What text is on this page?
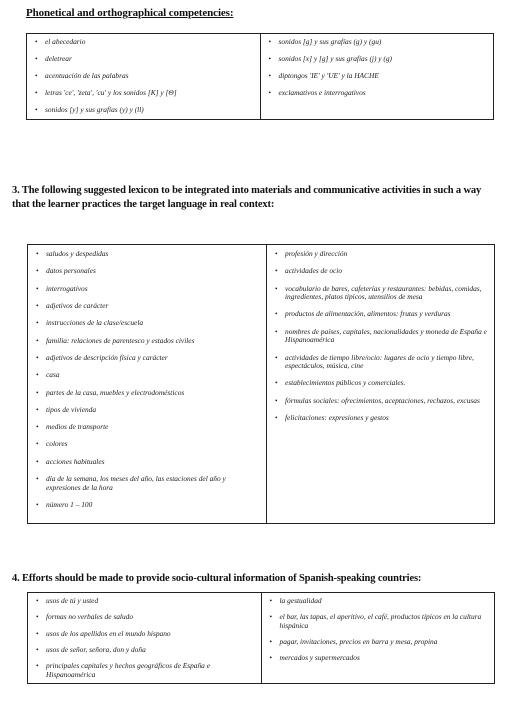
Phonetical and orthographical competencies:
• el abecedario
• deletrear
• acentuación de las palabras
• letras 'ce', 'zeta', 'cu' y los sonidos [K] y [Θ]
• sonidos [y] y sus grafías (y) y (ll)

• sonidos [g] y sus grafías (g) y (gu)
• sonidos [x] y [g] y sus grafías (j) y (g)
• diptongos 'IE' y 'UE' y la HACHE
• exclamativos e interrogativos
3. The following suggested lexicon to be integrated into materials and communicative activities in such a way that the learner practices the target language in real context:
• saludos y despedidas
• datos personales
• interrogativos
• adjetivos de carácter
• instrucciones de la clase/escuela
• familia: relaciones de parentesco y estados civiles
• adjetivos de descripción física y carácter
• casa
• partes de la casa, muebles y electrodomésticos
• tipos de vivienda
• medios de transporte
• colores
• acciones habituales
• día de la semana, los meses del año, las estaciones del año y expresiones de la hora
• número 1 – 100

• profesión y dirección
• actividades de ocio
• vocabulario de bares, cafeterías y restaurantes: bebidas, comidas, ingredientes, platos típicos, utensilios de mesa
• productos de alimentación, alimentos: frutas y verduras
• nombres de países, capitales, nacionalidades y moneda de España e Hispanoamérica
• actividades de tiempo libre/ocio: lugares de ocio y tiempo libre, espectáculos, música, cine
• establecimientos públicos y comerciales.
• fórmulas sociales: ofrecimientos, aceptaciones, rechazos, excusas
• felicitaciones: expresiones y gestos
4. Efforts should be made to provide socio-cultural information of Spanish-speaking countries:
• usos de tú y usted
• formas no verbales de saludo
• usos de los apellidos en el mundo hispano
• usos de señor, señora, don y doña
• principales capitales y hechos geográficos de España e Hispanoamérica

• la gestualidad
• el bar, las tapas, el aperitivo, el café, productos típicos en la cultura hispánica
• pagar, invitaciones, precios en barra y mesa, propina
• mercados y supermercados
